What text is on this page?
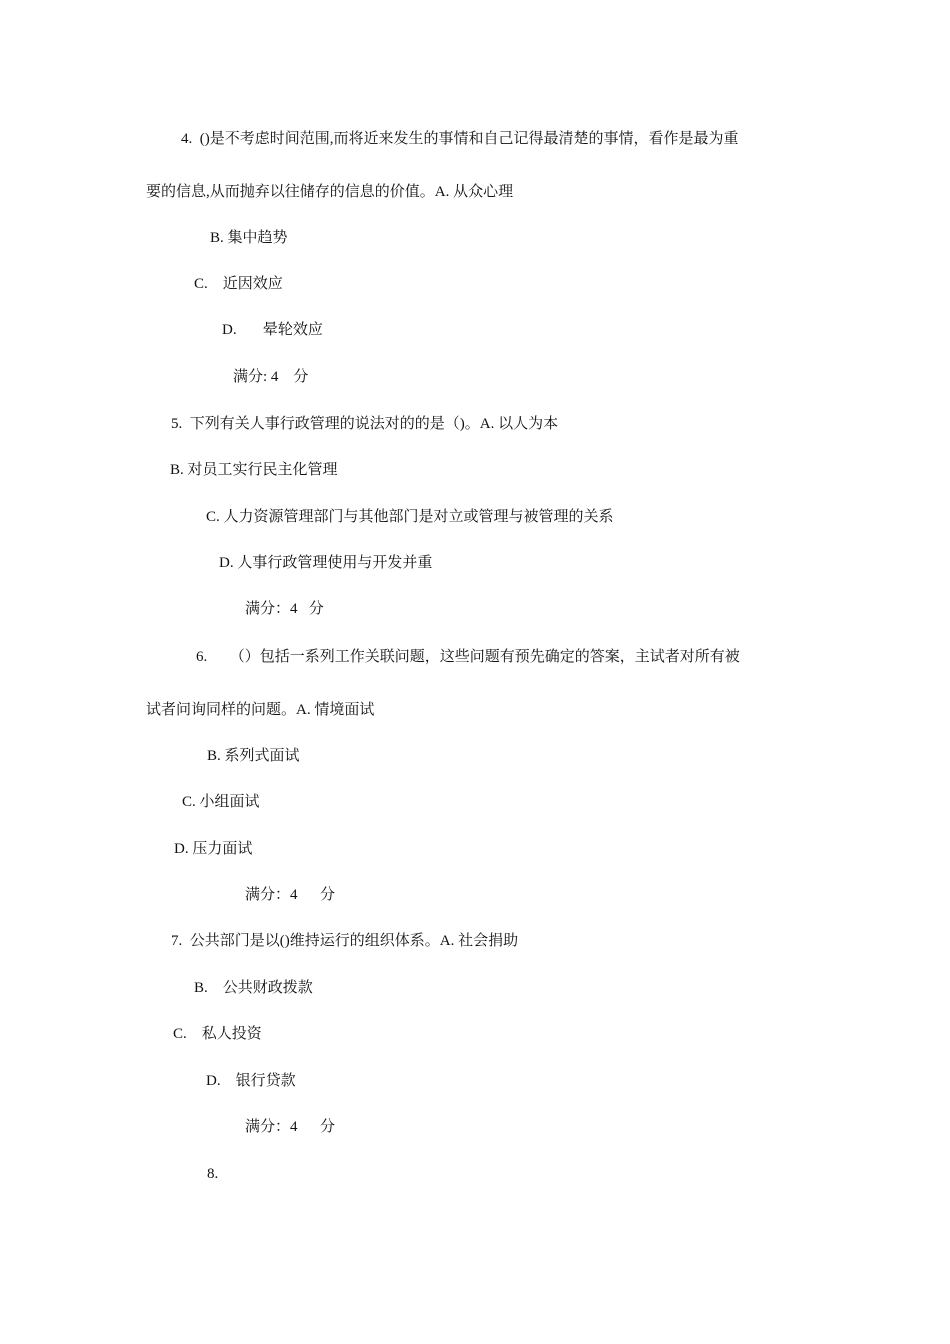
4.  ()是不考虑时间范围,而将近来发生的事情和自己记得最清楚的事情，看作是最为重
要的信息,从而抛弃以往储存的信息的价值。A. 从众心理
B. 集中趋势
C.    近因效应
D.       晕轮效应
满分: 4    分
5.  下列有关人事行政管理的说法对的的是（)。A. 以人为本
B. 对员工实行民主化管理
C. 人力资源管理部门与其他部门是对立或管理与被管理的关系
D. 人事行政管理使用与开发并重
满分：4   分
6.      （）包括一系列工作关联问题，这些问题有预先确定的答案，主试者对所有被
试者问询同样的问题。A. 情境面试
B. 系列式面试
C. 小组面试
D. 压力面试
满分：4      分
7.  公共部门是以()维持运行的组织体系。A. 社会捐助
B.    公共财政拨款
C.    私人投资
D.    银行贷款
满分：4      分
8.
